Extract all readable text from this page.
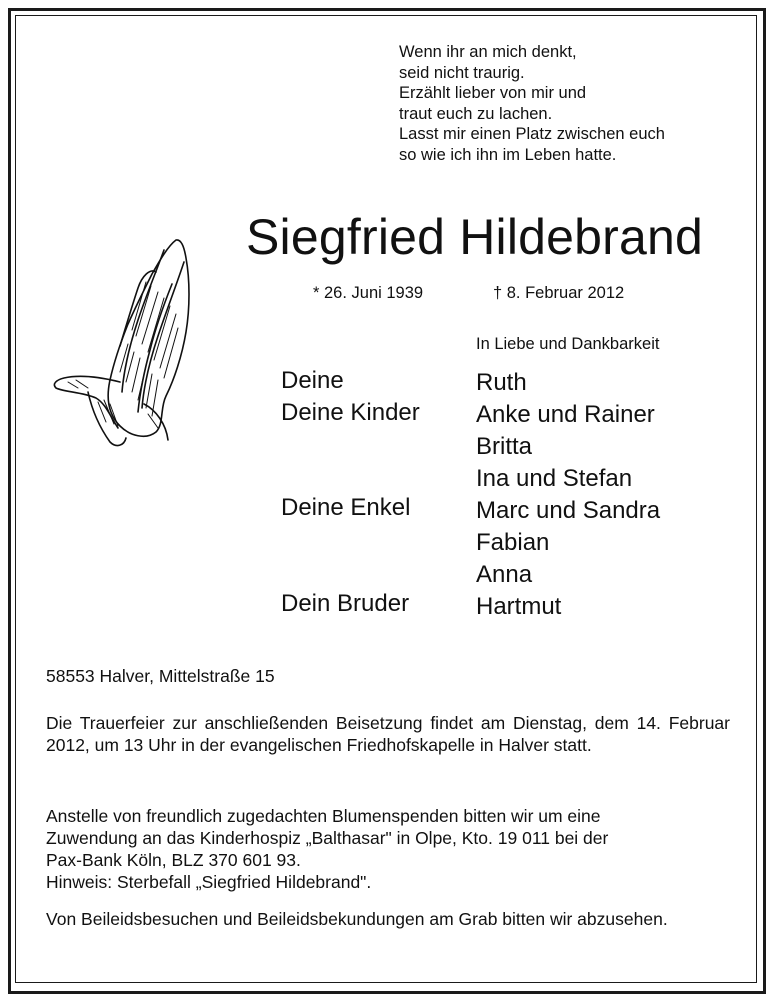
Wenn ihr an mich denkt,
seid nicht traurig.
Erzählt lieber von mir und
traut euch zu lachen.
Lasst mir einen Platz zwischen euch
so wie ich ihn im Leben hatte.
Siegfried Hildebrand
* 26. Juni 1939	† 8. Februar 2012
In Liebe und Dankbarkeit
Deine
Deine Kinder
Deine Enkel
Dein Bruder
Ruth
Anke und Rainer
Britta
Ina und Stefan
Marc und Sandra
Fabian
Anna
Hartmut
58553 Halver, Mittelstraße 15

Die Trauerfeier zur anschließenden Beisetzung findet am Dienstag, dem 14. Februar 2012, um 13 Uhr in der evangelischen Friedhofskapelle in Halver statt.

Anstelle von freundlich zugedachten Blumenspenden bitten wir um eine
Zuwendung an das Kinderhospiz „Balthasar" in Olpe, Kto. 19 011 bei der
Pax-Bank Köln, BLZ 370 601 93.
Hinweis: Sterbefall „Siegfried Hildebrand".

Von Beileidsbesuchen und Beileidsbekundungen am Grab bitten wir abzusehen.
